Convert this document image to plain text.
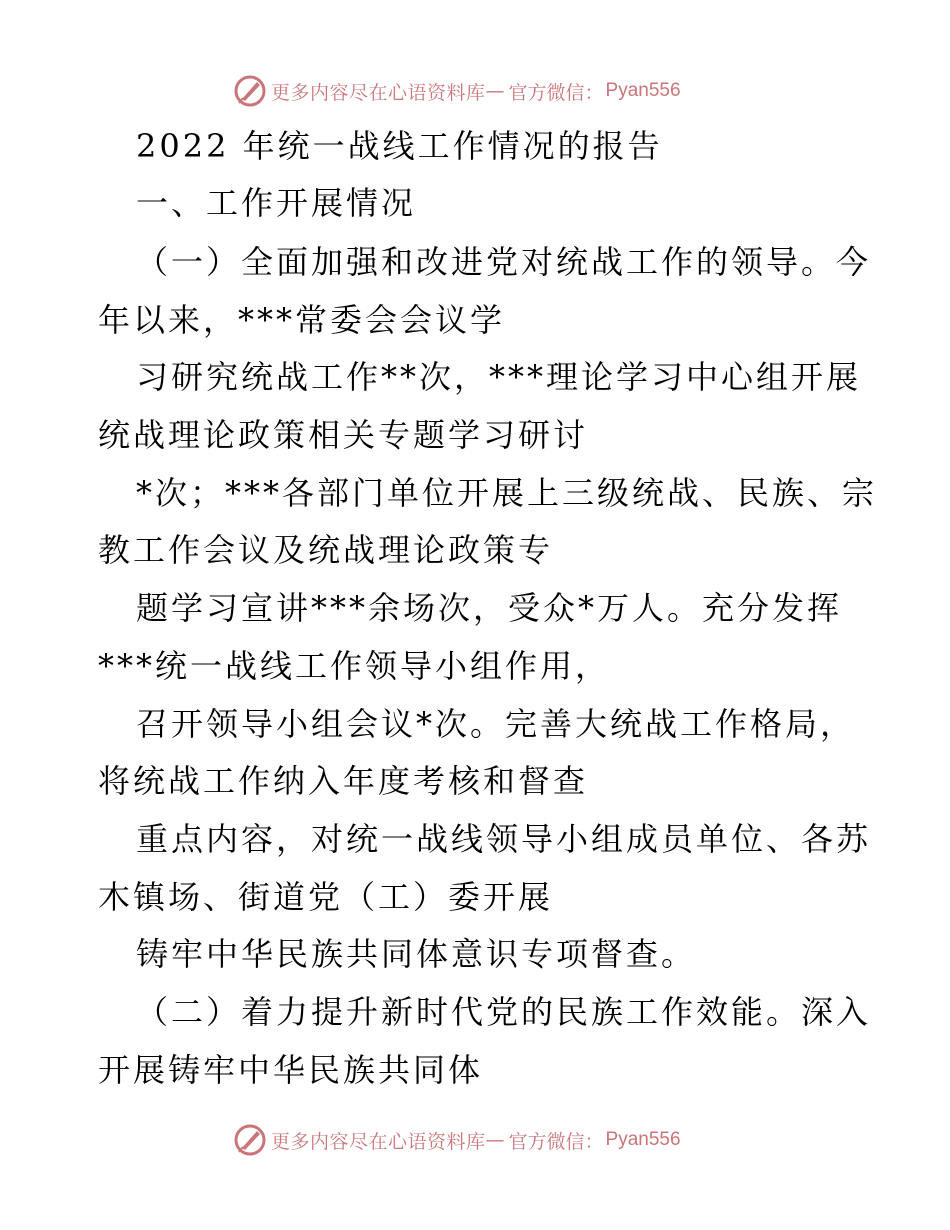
更多内容尽在心语资料库 — 官方微信： Pyan556
2022 年统一战线工作情况的报告
一、工作开展情况
（一）全面加强和改进党对统战工作的领导。今
年以来，***常委会会议学
习研究统战工作**次，***理论学习中心组开展
统战理论政策相关专题学习研讨
*次；***各部门单位开展上三级统战、民族、宗
教工作会议及统战理论政策专
题学习宣讲***余场次，受众*万人。充分发挥
***统一战线工作领导小组作用，
召开领导小组会议*次。完善大统战工作格局，
将统战工作纳入年度考核和督查
重点内容，对统一战线领导小组成员单位、各苏
木镇场、街道党（工）委开展
铸牢中华民族共同体意识专项督查。
（二）着力提升新时代党的民族工作效能。深入
开展铸牢中华民族共同体
更多内容尽在心语资料库 — 官方微信： Pyan556
